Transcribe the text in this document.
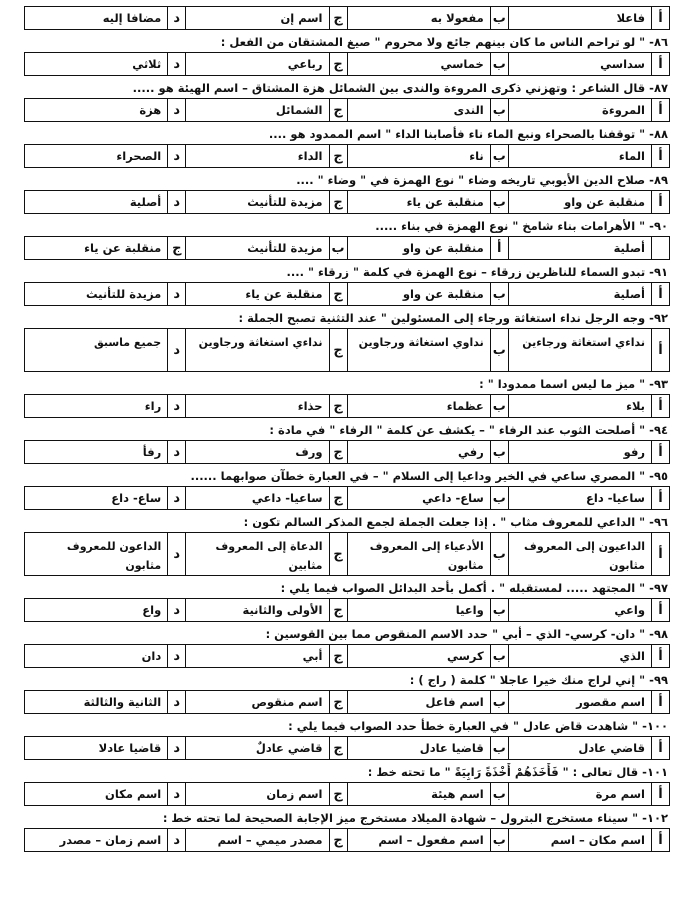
أ
فاعلا
ب
مفعولا به
ج
اسم إن
د
مضافا إليه
٨٦- " لو تراحم الناس ما كان بينهم جائع ولا محروم " صيغ المشتقان من الفعل :
أ
سداسي
ب
خماسي
ج
رباعي
د
ثلاثي
٨٧- قال الشاعر : وتهزني ذكرى المروءة والندى بين الشمائل هزة المشتاق – اسم الهيئة هو .....
أ
المروءة
ب
الندى
ج
الشمائل
د
هزة
٨٨- " توقفنا بالصحراء ونبع الماء ناء فأصابنا الداء " اسم الممدود هو ....
أ
الماء
ب
ناء
ج
الداء
د
الصحراء
٨٩- صلاح الدين الأيوبي تاريخه وضاء " نوع الهمزة في " وضاء " ....
أ
منقلبة عن واو
ب
منقلبة عن ياء
ج
مزيدة للتأنيث
د
أصلية
٩٠- " الأهرامات بناء شامخ " نوع الهمزة في بناء .....
أصلية
أ
منقلبة عن واو
ب
مزيدة للتأنيث
ج
منقلبة عن ياء
٩١- تبدو السماء للناظرين زرقاء – نوع الهمزة في كلمة " زرقاء " ....
أ
أصلية
ب
منقلبة عن واو
ج
منقلبة عن ياء
د
مزيدة للتأنيث
٩٢- وجه الرجل نداء استغاثة ورجاء إلى المسئولين " عند التثنية تصبح الجملة :
أ
نداءي استغاثة ورجاءين
ب
نداوي استغاثة ورجاوين
ج
نداءي استغاثة ورجاوين
د
جميع ماسبق
٩٣- " ميز ما ليس اسما ممدودا " :
أ
بلاء
ب
عظماء
ج
حذاء
د
راء
٩٤- " أصلحت الثوب عند الرفاء " – يكشف عن كلمة " الرفاء " في مادة :
أ
رفو
ب
رفي
ج
ورف
د
رفأ
٩٥- " المصري ساعي في الخير وداعيا إلى السلام " – في العبارة خطآن صوابهما ......
أ
ساعيا- داع
ب
ساع- داعي
ج
ساعيا- داعي
د
ساع- داع
٩٦- " الداعي للمعروف مثاب " . إذا جعلت الجملة لجمع المذكر السالم تكون :
أ
الداعيون إلى المعروف مثابون
ب
الأدعياء إلى المعروف مثابون
ج
الدعاة إلى المعروف مثابين
د
الداعون للمعروف مثابون
٩٧- " المجتهد ..... لمستقبله " . أكمل بأحد البدائل الصواب فيما يلي :
أ
واعي
ب
واعيا
ج
الأولى والثانية
د
واع
٩٨- " دان- كرسي- الذي – أبي " حدد الاسم المنقوص مما بين القوسين :
أ
الذي
ب
كرسي
ج
أبي
د
دان
٩٩- " إني لراج منك خيرا عاجلا " كلمة ( راج ) :
أ
اسم مقصور
ب
اسم فاعل
ج
اسم منقوص
د
الثانية والثالثة
١٠٠- " شاهدت قاض عادل " في العبارة خطأ حدد الصواب فيما يلي :
أ
قاضي عادل
ب
قاضيا عادل
ج
قاضي عادلٌ
د
قاضيا عادلا
١٠١- قال تعالى : " فَأَخَذَهُمْ أَخْذَةً رَابِيَةً " ما تحته خط :
أ
اسم مرة
ب
اسم هيئة
ج
اسم زمان
د
اسم مكان
١٠٢- " سيناء مستخرج البترول – شهادة الميلاد مستخرج ميز الإجابة الصحيحة لما تحته خط :
أ
اسم مكان – اسم
ب
اسم مفعول – اسم
ج
مصدر ميمي – اسم
د
اسم زمان – مصدر
